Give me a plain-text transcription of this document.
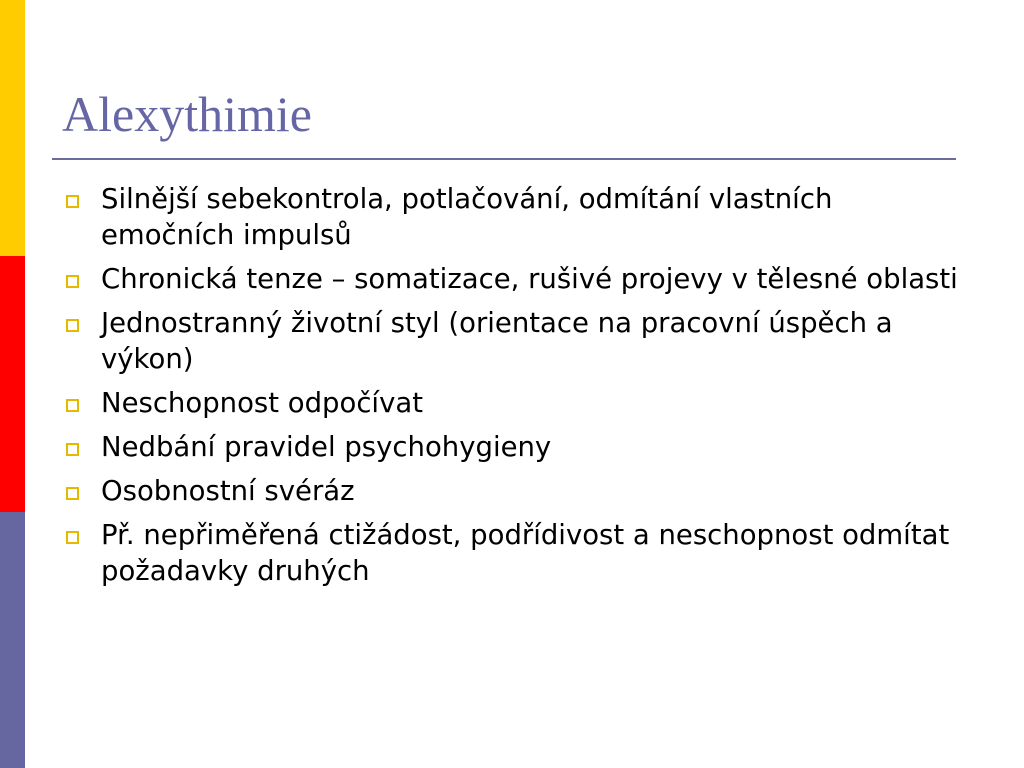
Alexythimie
Silnější sebekontrola, potlačování, odmítání vlastních emočních impulsů
Chronická tenze – somatizace, rušivé projevy v tělesné oblasti
Jednostranný životní styl (orientace na pracovní úspěch a výkon)
Neschopnost odpočívat
Nedbání pravidel psychohygieny
Osobnostní svéráz
Př. nepřiměřená ctižádost, podřídivost a neschopnost odmítat požadavky druhých
